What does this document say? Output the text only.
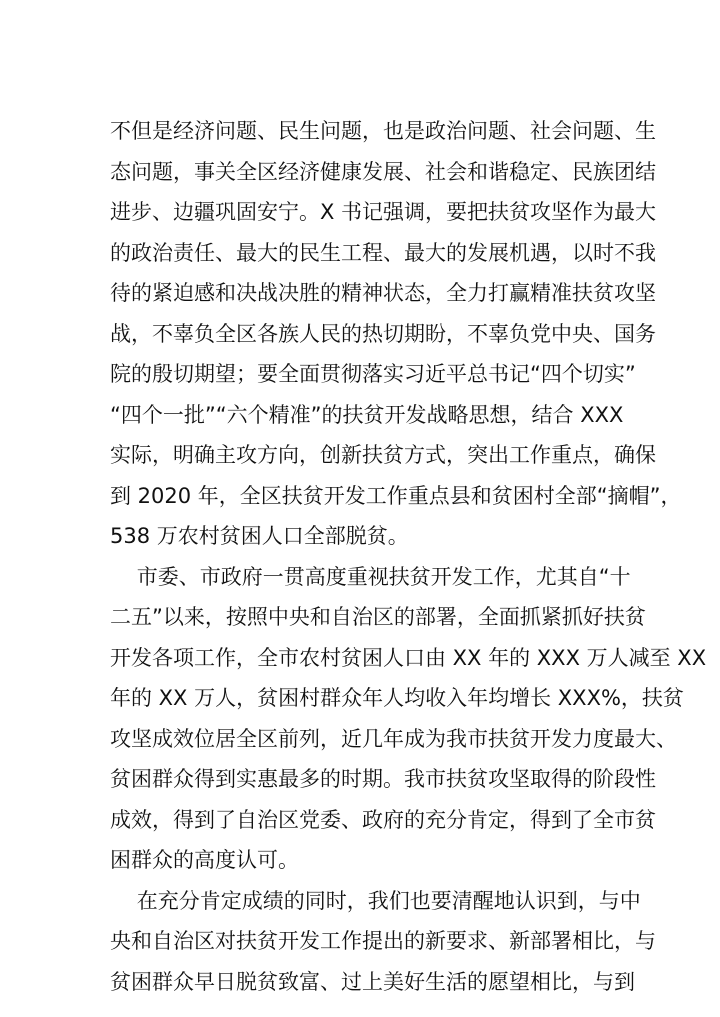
不但是经济问题、民生问题，也是政治问题、社会问题、生
态问题，事关全区经济健康发展、社会和谐稳定、民族团结
进步、边疆巩固安宁。X 书记强调，要把扶贫攻坚作为最大
的政治责任、最大的民生工程、最大的发展机遇，以时不我
待的紧迫感和决战决胜的精神状态，全力打赢精准扶贫攻坚
战，不辜负全区各族人民的热切期盼，不辜负党中央、国务
院的殷切期望；要全面贯彻落实习近平总书记“四个切实”
“四个一批”“六个精准”的扶贫开发战略思想，结合 XXX
实际，明确主攻方向，创新扶贫方式，突出工作重点，确保
到 2020 年，全区扶贫开发工作重点县和贫困村全部“摘帽”，
538 万农村贫困人口全部脱贫。
市委、市政府一贯高度重视扶贫开发工作，尤其自“十
二五”以来，按照中央和自治区的部署，全面抓紧抓好扶贫
开发各项工作，全市农村贫困人口由 XX 年的 XXX 万人减至 XX
年的 XX 万人，贫困村群众年人均收入年均增长 XXX%，扶贫
攻坚成效位居全区前列，近几年成为我市扶贫开发力度最大、
贫困群众得到实惠最多的时期。我市扶贫攻坚取得的阶段性
成效，得到了自治区党委、政府的充分肯定，得到了全市贫
困群众的高度认可。
在充分肯定成绩的同时，我们也要清醒地认识到，与中
央和自治区对扶贫开发工作提出的新要求、新部署相比，与
贫困群众早日脱贫致富、过上美好生活的愿望相比，与到
